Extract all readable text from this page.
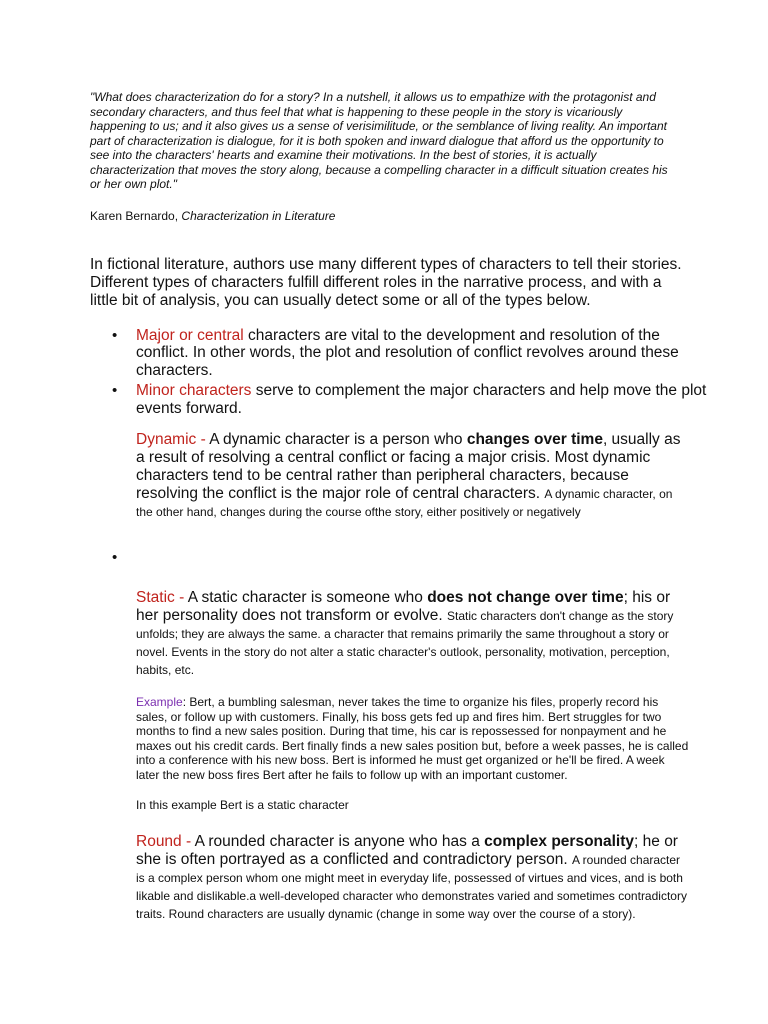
"What does characterization do for a story? In a nutshell, it allows us to empathize with the protagonist and secondary characters, and thus feel that what is happening to these people in the story is vicariously happening to us; and it also gives us a sense of verisimilitude, or the semblance of living reality. An important part of characterization is dialogue, for it is both spoken and inward dialogue that afford us the opportunity to see into the characters' hearts and examine their motivations. In the best of stories, it is actually characterization that moves the story along, because a compelling character in a difficult situation creates his or her own plot."

Karen Bernardo, Characterization in Literature

In fictional literature, authors use many different types of characters to tell their stories. Different types of characters fulfill different roles in the narrative process, and with a little bit of analysis, you can usually detect some or all of the types below.

• Major or central characters are vital to the development and resolution of the conflict. In other words, the plot and resolution of conflict revolves around these characters.
• Minor characters serve to complement the major characters and help move the plot events forward.
Dynamic - A dynamic character is a person who changes over time, usually as a result of resolving a central conflict or facing a major crisis. Most dynamic characters tend to be central rather than peripheral characters, because resolving the conflict is the major role of central characters. A dynamic character, on the other hand, changes during the course ofthe story, either positively or negatively
•
Static - A static character is someone who does not change over time; his or her personality does not transform or evolve. Static characters don't change as the story unfolds; they are always the same. a character that remains primarily the same throughout a story or novel. Events in the story do not alter a static character's outlook, personality, motivation, perception, habits, etc.

Example: Bert, a bumbling salesman, never takes the time to organize his files, properly record his sales, or follow up with customers. Finally, his boss gets fed up and fires him. Bert struggles for two months to find a new sales position. During that time, his car is repossessed for nonpayment and he maxes out his credit cards. Bert finally finds a new sales position but, before a week passes, he is called into a conference with his new boss. Bert is informed he must get organized or he'll be fired. A week later the new boss fires Bert after he fails to follow up with an important customer.

In this example Bert is a static character

Round - A rounded character is anyone who has a complex personality; he or she is often portrayed as a conflicted and contradictory person. A rounded character is a complex person whom one might meet in everyday life, possessed of virtues and vices, and is both likable and dislikable.a well-developed character who demonstrates varied and sometimes contradictory traits. Round characters are usually dynamic (change in some way over the course of a story).
